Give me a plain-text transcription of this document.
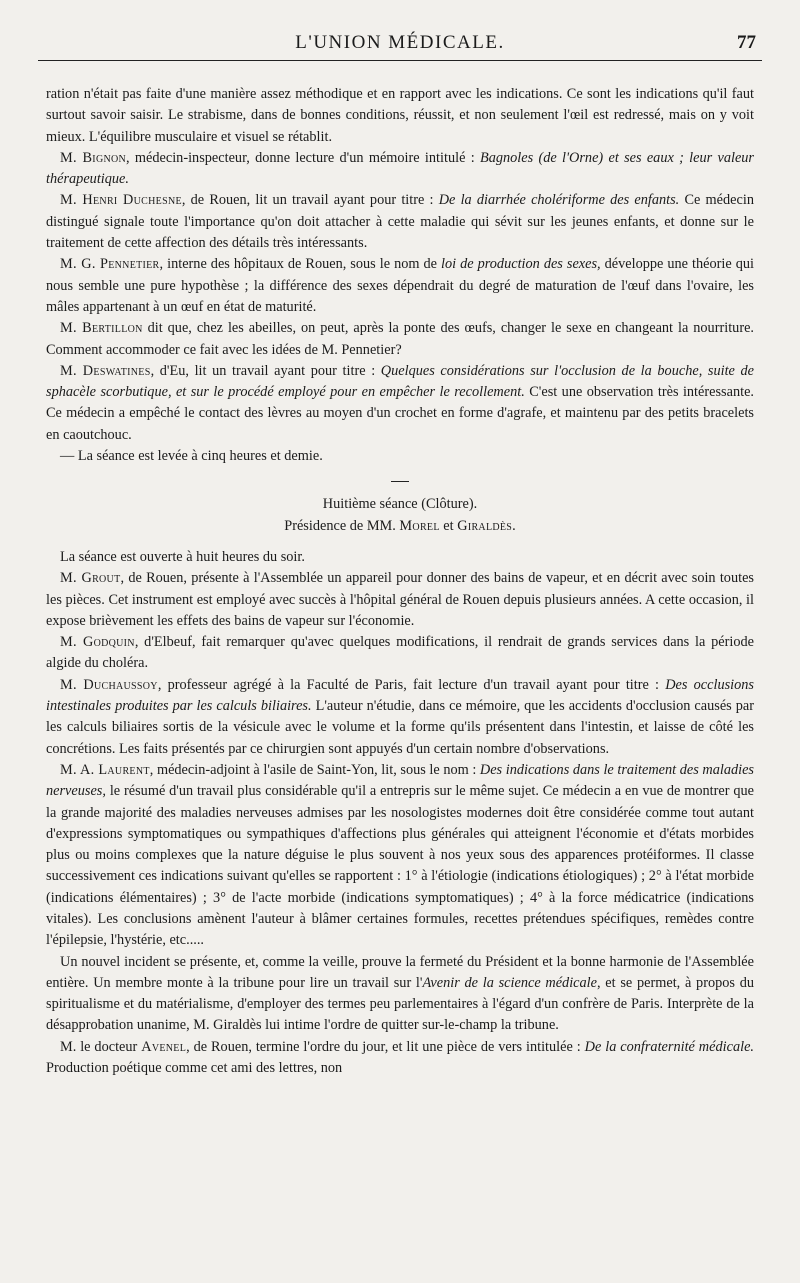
L'UNION MÉDICALE.	77

ration n'était pas faite d'une manière assez méthodique et en rapport avec les indications. Ce sont les indications qu'il faut surtout savoir saisir. Le strabisme, dans de bonnes conditions, réussit, et non seulement l'œil est redressé, mais on y voit mieux. L'équilibre musculaire et visuel se rétablit.

M. Bignon, médecin-inspecteur, donne lecture d'un mémoire intitulé : Bagnoles (de l'Orne) et ses eaux ; leur valeur thérapeutique.

M. Henri Duchesne, de Rouen, lit un travail ayant pour titre : De la diarrhée cholériforme des enfants. Ce médecin distingué signale toute l'importance qu'on doit attacher à cette maladie qui sévit sur les jeunes enfants, et donne sur le traitement de cette affection des détails très intéressants.

M. G. Pennetier, interne des hôpitaux de Rouen, sous le nom de loi de production des sexes, développe une théorie qui nous semble une pure hypothèse ; la différence des sexes dépendrait du degré de maturation de l'œuf dans l'ovaire, les mâles appartenant à un œuf en état de maturité.

M. Bertillon dit que, chez les abeilles, on peut, après la ponte des œufs, changer le sexe en changeant la nourriture. Comment accommoder ce fait avec les idées de M. Pennetier?

M. Deswatines, d'Eu, lit un travail ayant pour titre : Quelques considérations sur l'occlusion de la bouche, suite de sphacèle scorbutique, et sur le procédé employé pour en empêcher le recollement. C'est une observation très intéressante. Ce médecin a empêché le contact des lèvres au moyen d'un crochet en forme d'agrafe, et maintenu par des petits bracelets en caoutchouc.

— La séance est levée à cinq heures et demie.

Huitième séance (Clôture).

Présidence de MM. Morel et Giraldès.

La séance est ouverte à huit heures du soir.

M. Grout, de Rouen, présente à l'Assemblée un appareil pour donner des bains de vapeur, et en décrit avec soin toutes les pièces. Cet instrument est employé avec succès à l'hôpital général de Rouen depuis plusieurs années. A cette occasion, il expose brièvement les effets des bains de vapeur sur l'économie.

M. Godquin, d'Elbeuf, fait remarquer qu'avec quelques modifications, il rendrait de grands services dans la période algide du choléra.

M. Duchaussoy, professeur agrégé à la Faculté de Paris, fait lecture d'un travail ayant pour titre : Des occlusions intestinales produites par les calculs biliaires. L'auteur n'étudie, dans ce mémoire, que les accidents d'occlusion causés par les calculs biliaires sortis de la vésicule avec le volume et la forme qu'ils présentent dans l'intestin, et laisse de côté les concrétions. Les faits présentés par ce chirurgien sont appuyés d'un certain nombre d'observations.

M. A. Laurent, médecin-adjoint à l'asile de Saint-Yon, lit, sous le nom : Des indications dans le traitement des maladies nerveuses, le résumé d'un travail plus considérable qu'il a entrepris sur le même sujet. Ce médecin a en vue de montrer que la grande majorité des maladies nerveuses admises par les nosologistes modernes doit être considérée comme tout autant d'expressions symptomatiques ou sympathiques d'affections plus générales qui atteignent l'économie et d'états morbides plus ou moins complexes que la nature déguise le plus souvent à nos yeux sous des apparences protéiformes. Il classe successivement ces indications suivant qu'elles se rapportent : 1° à l'étiologie (indications étiologiques) ; 2° à l'état morbide (indications élémentaires) ; 3° de l'acte morbide (indications symptomatiques) ; 4° à la force médicatrice (indications vitales). Les conclusions amènent l'auteur à blâmer certaines formules, recettes prétendues spécifiques, remèdes contre l'épilepsie, l'hystérie, etc.....

Un nouvel incident se présente, et, comme la veille, prouve la fermeté du Président et la bonne harmonie de l'Assemblée entière. Un membre monte à la tribune pour lire un travail sur l'Avenir de la science médicale, et se permet, à propos du spiritualisme et du matérialisme, d'employer des termes peu parlementaires à l'égard d'un confrère de Paris. Interprète de la désapprobation unanime, M. Giraldès lui intime l'ordre de quitter sur-le-champ la tribune.

M. le docteur Avenel, de Rouen, termine l'ordre du jour, et lit une pièce de vers intitulée : De la confraternité médicale. Production poétique comme cet ami des lettres, non
